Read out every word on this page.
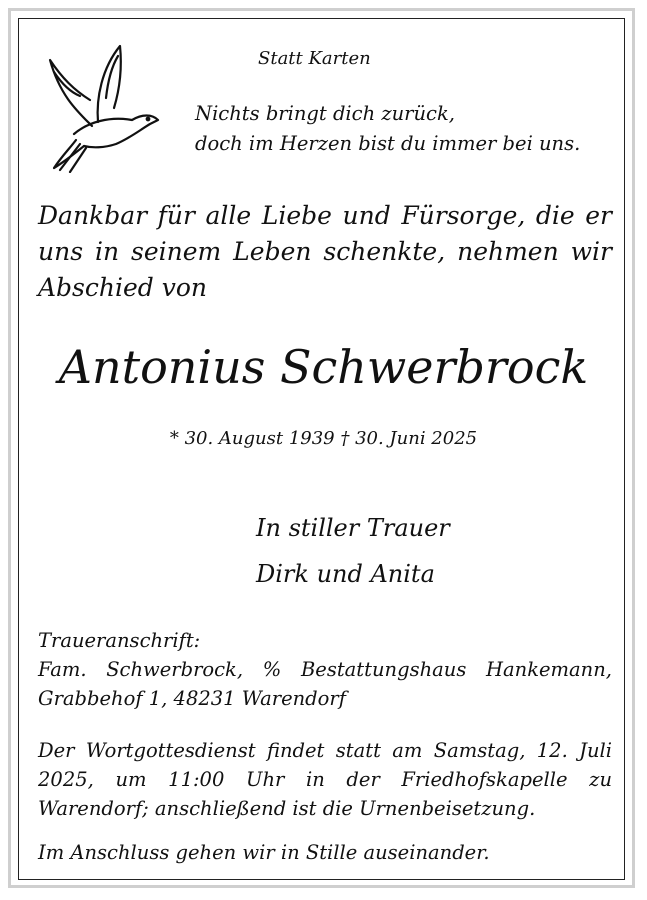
Statt Karten
Nichts bringt dich zurück,
doch im Herzen bist du immer bei uns.
Dankbar für alle Liebe und Fürsorge, die er uns in seinem Leben schenkte, nehmen wir Abschied von
Antonius Schwerbrock
* 30. August 1939 † 30. Juni 2025
In stiller Trauer
Dirk und Anita
Traueranschrift:
Fam. Schwerbrock, % Bestattungshaus Hankemann,
Grabbehof 1, 48231 Warendorf
Der Wortgottesdienst findet statt am Samstag, 12. Juli 2025, um 11:00 Uhr in der Friedhofskapelle zu Warendorf; anschließend ist die Urnenbeisetzung.
Im Anschluss gehen wir in Stille auseinander.
